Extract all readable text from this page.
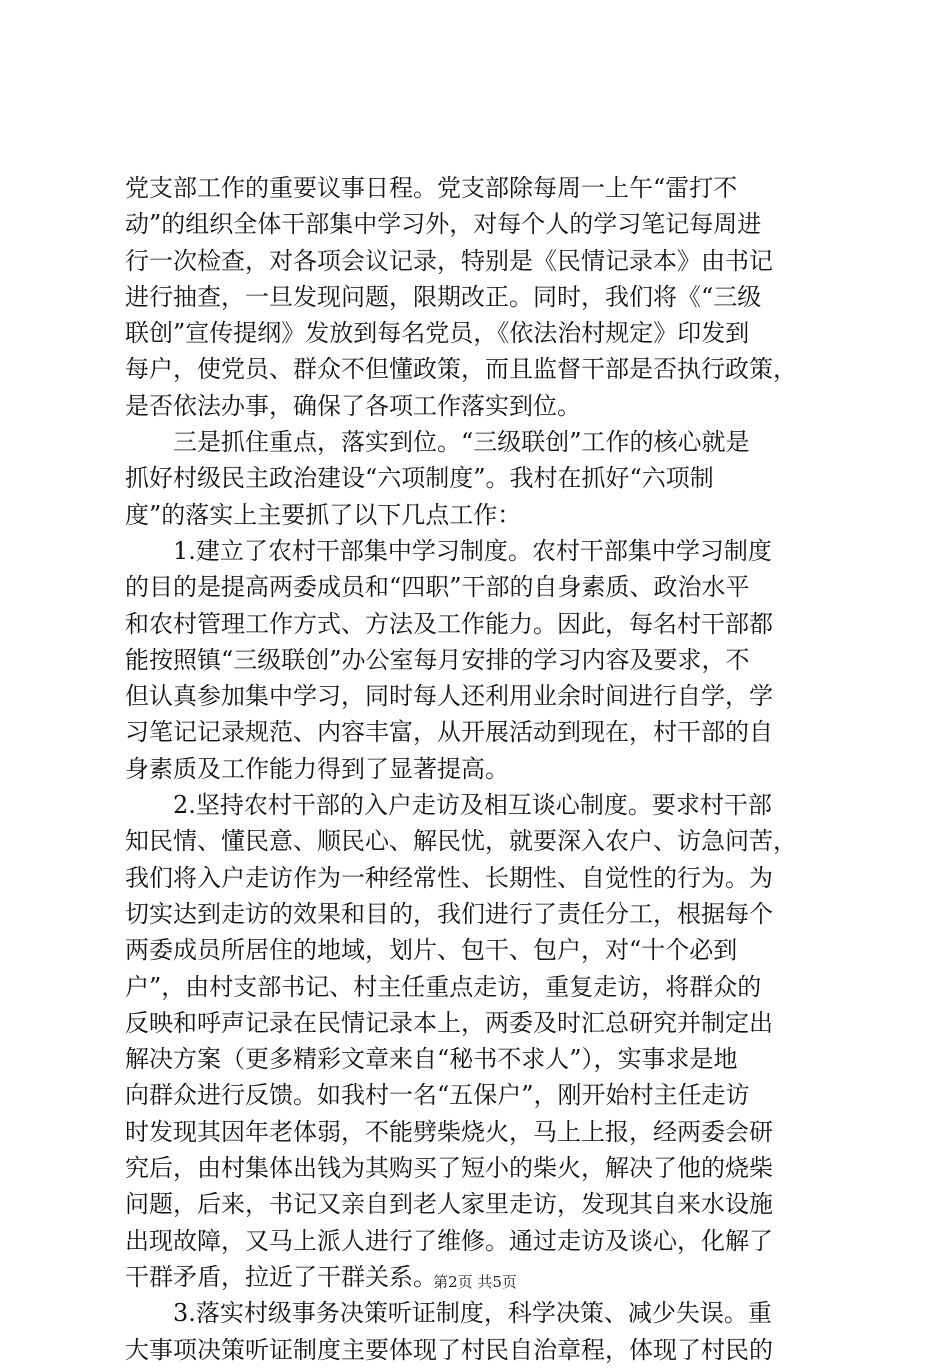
党支部工作的重要议事日程。党支部除每周一上午“雷打不
动”的组织全体干部集中学习外，对每个人的学习笔记每周进
行一次检查，对各项会议记录，特别是《民情记录本》由书记
进行抽查，一旦发现问题，限期改正。同时，我们将《“三级
联创”宣传提纲》发放到每名党员，《依法治村规定》印发到
每户，使党员、群众不但懂政策，而且监督干部是否执行政策，
是否依法办事，确保了各项工作落实到位。
　　三是抓住重点，落实到位。“三级联创”工作的核心就是
抓好村级民主政治建设“六项制度”。我村在抓好“六项制
度”的落实上主要抓了以下几点工作：
　　1.建立了农村干部集中学习制度。农村干部集中学习制度
的目的是提高两委成员和“四职”干部的自身素质、政治水平
和农村管理工作方式、方法及工作能力。因此，每名村干部都
能按照镇“三级联创”办公室每月安排的学习内容及要求，不
但认真参加集中学习，同时每人还利用业余时间进行自学，学
习笔记记录规范、内容丰富，从开展活动到现在，村干部的自
身素质及工作能力得到了显著提高。
　　2.坚持农村干部的入户走访及相互谈心制度。要求村干部
知民情、懂民意、顺民心、解民忧，就要深入农户、访急问苦，
我们将入户走访作为一种经常性、长期性、自觉性的行为。为
切实达到走访的效果和目的，我们进行了责任分工，根据每个
两委成员所居住的地域，划片、包干、包户，对“十个必到
户”，由村支部书记、村主任重点走访，重复走访，将群众的
反映和呼声记录在民情记录本上，两委及时汇总研究并制定出
解决方案（更多精彩文章来自“秘书不求人”），实事求是地
向群众进行反馈。如我村一名“五保户”，刚开始村主任走访
时发现其因年老体弱，不能劈柴烧火，马上上报，经两委会研
究后，由村集体出钱为其购买了短小的柴火，解决了他的烧柴
问题，后来，书记又亲自到老人家里走访，发现其自来水设施
出现故障，又马上派人进行了维修。通过走访及谈心，化解了
干群矛盾，拉近了干群关系。
　　3.落实村级事务决策听证制度，科学决策、减少失误。重
大事项决策听证制度主要体现了村民自治章程，体现了村民的
第2页 共5页
